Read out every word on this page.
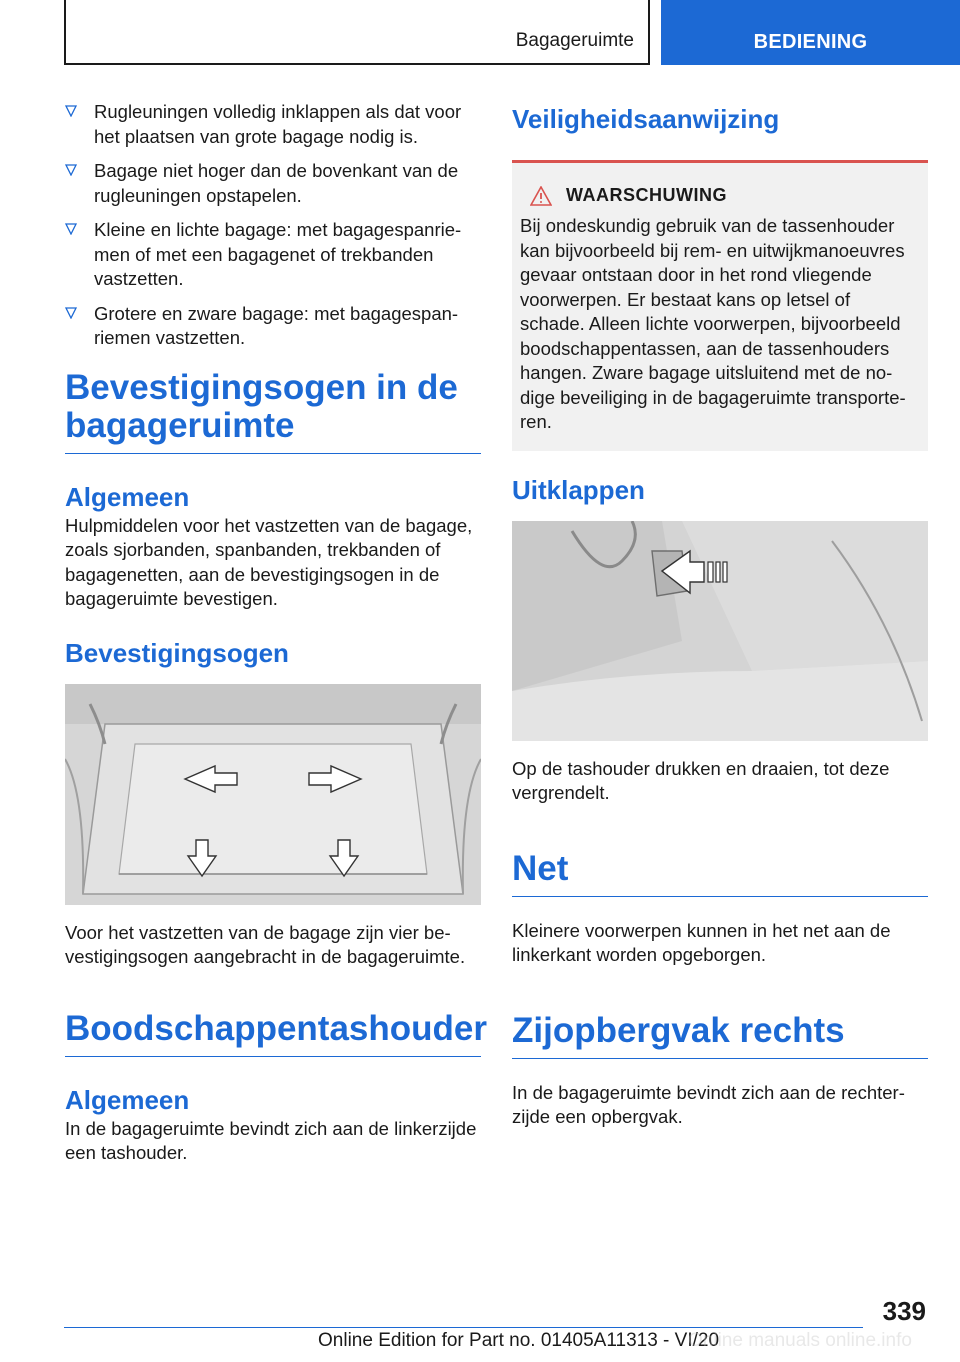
Bagageruimte	BEDIENING
Rugleuningen volledig inklappen als dat voor het plaatsen van grote bagage nodig is.
Bagage niet hoger dan de bovenkant van de rugleuningen opstapelen.
Kleine en lichte bagage: met bagagespanriemen of met een bagagenet of trekbanden vastzetten.
Grotere en zware bagage: met bagagespanriemen vastzetten.
Bevestigingsogen in de bagageruimte
Algemeen

Hulpmiddelen voor het vastzetten van de bagage, zoals sjorbanden, spanbanden, trekbanden of bagagenetten, aan de bevestigingsogen in de bagageruimte bevestigen.

Bevestigingsogen

Voor het vastzetten van de bagage zijn vier bevestigingsogen aangebracht in de bagageruimte.

Boodschappentashouder
Algemeen

In de bagageruimte bevindt zich aan de linkerzijde een tashouder.

Veiligheidsaanwijzing
WAARSCHUWING

Bij ondeskundig gebruik van de tassenhouder kan bijvoorbeeld bij rem- en uitwijkmanoeuvres gevaar ontstaan door in het rond vliegende voorwerpen. Er bestaat kans op letsel of schade. Alleen lichte voorwerpen, bijvoorbeeld boodschappentassen, aan de tassenhouders hangen. Zware bagage uitsluitend met de nodige beveiliging in de bagageruimte transporteren.

Uitklappen

Op de tashouder drukken en draaien, tot deze vergrendelt.

Net

Kleinere voorwerpen kunnen in het net aan de linkerkant worden opgeborgen.

Zijopbergvak rechts

In de bagageruimte bevindt zich aan de rechterzijde een opbergvak.

339
Online Edition for Part no. 01405A11313 - VI/20
Online manuals online.info
